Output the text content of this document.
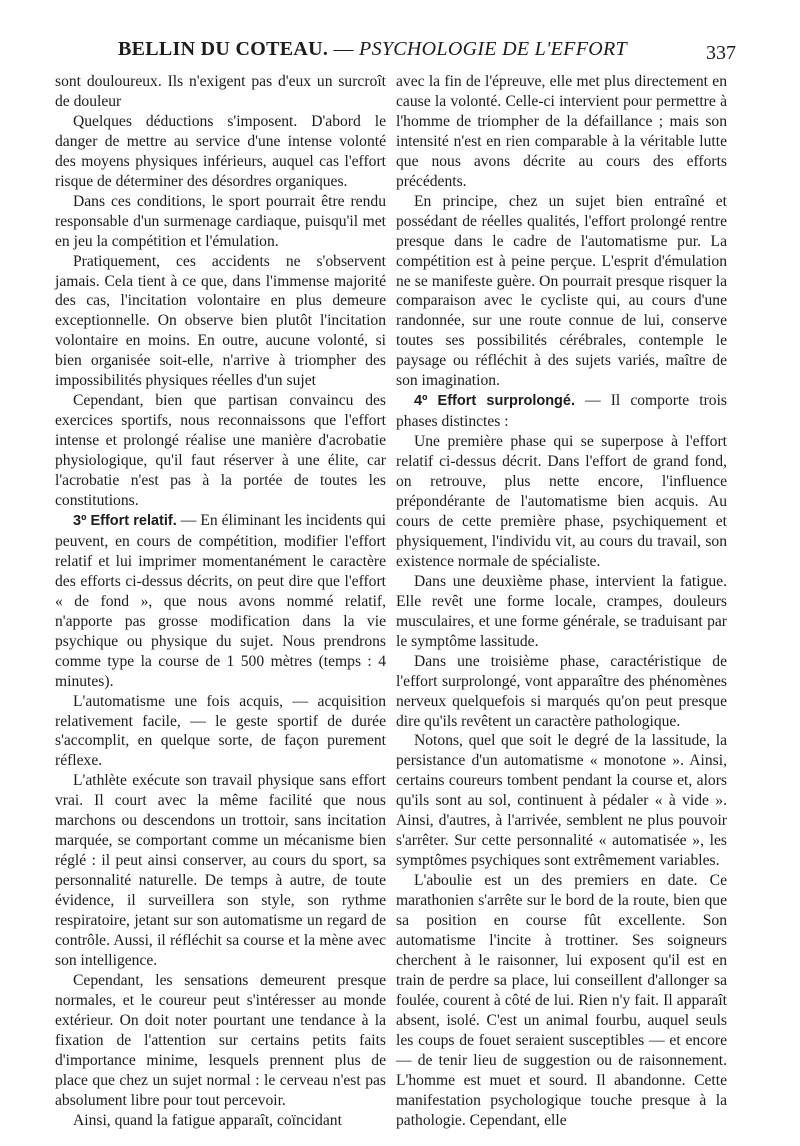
BELLIN DU COTEAU. — PSYCHOLOGIE DE L'EFFORT	337

sont douloureux. Ils n'exigent pas d'eux un surcroît de douleur

Quelques déductions s'imposent. D'abord le danger de mettre au service d'une intense volonté des moyens physiques inférieurs, auquel cas l'effort risque de déterminer des désordres organiques.

Dans ces conditions, le sport pourrait être rendu responsable d'un surmenage cardiaque, puisqu'il met en jeu la compétition et l'émulation.

Pratiquement, ces accidents ne s'observent jamais. Cela tient à ce que, dans l'immense majorité des cas, l'incitation volontaire en plus demeure exceptionnelle. On observe bien plutôt l'incitation volontaire en moins. En outre, aucune volonté, si bien organisée soit-elle, n'arrive à triompher des impossibilités physiques réelles d'un sujet

Cependant, bien que partisan convaincu des exercices sportifs, nous reconnaissons que l'effort intense et prolongé réalise une manière d'acrobatie physiologique, qu'il faut réserver à une élite, car l'acrobatie n'est pas à la portée de toutes les constitutions.

3º Effort relatif. — En éliminant les incidents qui peuvent, en cours de compétition, modifier l'effort relatif et lui imprimer momentanément le caractère des efforts ci-dessus décrits, on peut dire que l'effort « de fond », que nous avons nommé relatif, n'apporte pas grosse modification dans la vie psychique ou physique du sujet. Nous prendrons comme type la course de 1 500 mètres (temps : 4 minutes).

L'automatisme une fois acquis, — acquisition relativement facile, — le geste sportif de durée s'accomplit, en quelque sorte, de façon purement réflexe.

L'athlète exécute son travail physique sans effort vrai. Il court avec la même facilité que nous marchons ou descendons un trottoir, sans incitation marquée, se comportant comme un mécanisme bien réglé : il peut ainsi conserver, au cours du sport, sa personnalité naturelle. De temps à autre, de toute évidence, il surveillera son style, son rythme respiratoire, jetant sur son automatisme un regard de contrôle. Aussi, il réfléchit sa course et la mène avec son intelligence.

Cependant, les sensations demeurent presque normales, et le coureur peut s'intéresser au monde extérieur. On doit noter pourtant une tendance à la fixation de l'attention sur certains petits faits d'importance minime, lesquels prennent plus de place que chez un sujet normal : le cerveau n'est pas absolument libre pour tout percevoir.

Ainsi, quand la fatigue apparaît, coïncidant

avec la fin de l'épreuve, elle met plus directement en cause la volonté. Celle-ci intervient pour permettre à l'homme de triompher de la défaillance ; mais son intensité n'est en rien comparable à la véritable lutte que nous avons décrite au cours des efforts précédents.

En principe, chez un sujet bien entraîné et possédant de réelles qualités, l'effort prolongé rentre presque dans le cadre de l'automatisme pur. La compétition est à peine perçue. L'esprit d'émulation ne se manifeste guère. On pourrait presque risquer la comparaison avec le cycliste qui, au cours d'une randonnée, sur une route connue de lui, conserve toutes ses possibilités cérébrales, contemple le paysage ou réfléchit à des sujets variés, maître de son imagination.

4º Effort surprolongé. — Il comporte trois phases distinctes :

Une première phase qui se superpose à l'effort relatif ci-dessus décrit. Dans l'effort de grand fond, on retrouve, plus nette encore, l'influence prépondérante de l'automatisme bien acquis. Au cours de cette première phase, psychiquement et physiquement, l'individu vit, au cours du travail, son existence normale de spécialiste.

Dans une deuxième phase, intervient la fatigue. Elle revêt une forme locale, crampes, douleurs musculaires, et une forme générale, se traduisant par le symptôme lassitude.

Dans une troisième phase, caractéristique de l'effort surprolongé, vont apparaître des phénomènes nerveux quelquefois si marqués qu'on peut presque dire qu'ils revêtent un caractère pathologique.

Notons, quel que soit le degré de la lassitude, la persistance d'un automatisme « monotone ». Ainsi, certains coureurs tombent pendant la course et, alors qu'ils sont au sol, continuent à pédaler « à vide ». Ainsi, d'autres, à l'arrivée, semblent ne plus pouvoir s'arrêter. Sur cette personnalité « automatisée », les symptômes psychiques sont extrêmement variables.

L'aboulie est un des premiers en date. Ce marathonien s'arrête sur le bord de la route, bien que sa position en course fût excellente. Son automatisme l'incite à trottiner. Ses soigneurs cherchent à le raisonner, lui exposent qu'il est en train de perdre sa place, lui conseillent d'allonger sa foulée, courent à côté de lui. Rien n'y fait. Il apparaît absent, isolé. C'est un animal fourbu, auquel seuls les coups de fouet seraient susceptibles — et encore — de tenir lieu de suggestion ou de raisonnement. L'homme est muet et sourd. Il abandonne. Cette manifestation psychologique touche presque à la pathologie. Cependant, elle
